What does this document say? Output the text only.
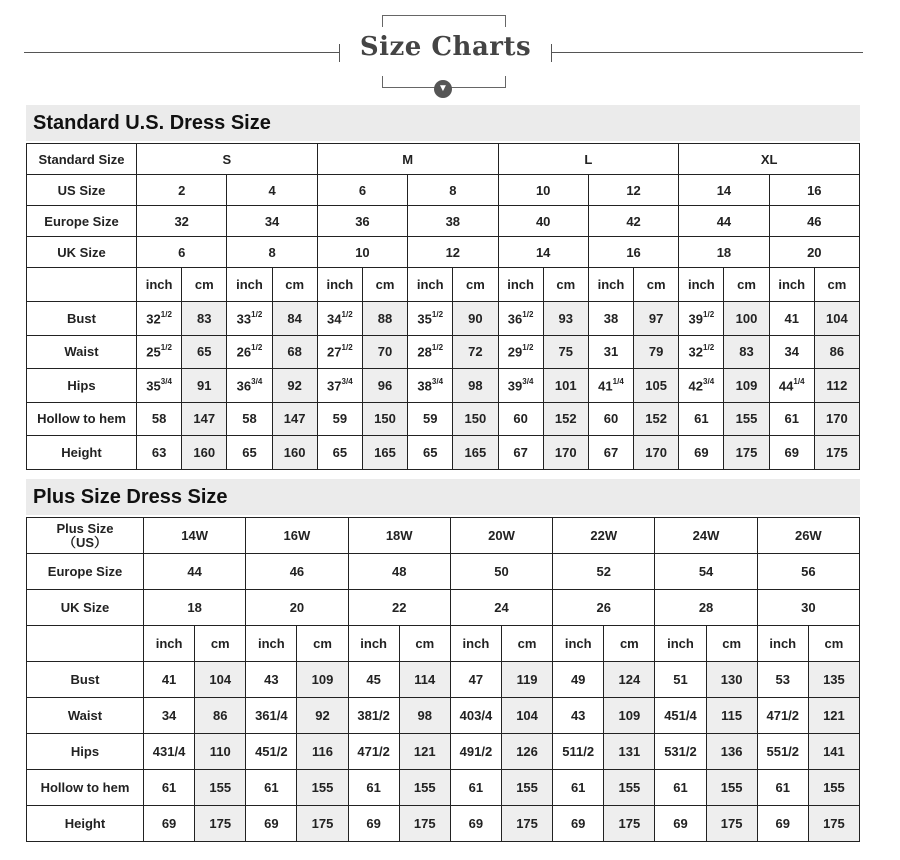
Size Charts
▼
Standard U.S. Dress Size
Standard Size	S				M				L				XL			
US Size	2		4		6		8		10		12		14		16	
Europe Size	32		34		36		38		40		42		44		46	
UK Size	6		8		10		12		14		16		18		20	
	inch	cm	inch	cm	inch	cm	inch	cm	inch	cm	inch	cm	inch	cm	inch	cm
Bust	$32^{1/2}$	83	$33^{1/2}$	84	$34^{1/2}$	88	$35^{1/2}$	90	$36^{1/2}$	93	38	97	$39^{1/2}$	100	41	104
Waist	$25^{1/2}$	65	$26^{1/2}$	68	$27^{1/2}$	70	$28^{1/2}$	72	$29^{1/2}$	75	31	79	$32^{1/2}$	83	34	86
Hips	$35^{3/4}$	91	$36^{3/4}$	92	$37^{3/4}$	96	$38^{3/4}$	98	$39^{3/4}$	101	$41^{1/4}$	105	$42^{3/4}$	109	$44^{1/4}$	112
Hollow to hem	58	147	58	147	59	150	59	150	60	152	60	152	61	155	61	170
Height	63	160	65	160	65	165	65	165	67	170	67	170	69	175	69	175
Plus Size Dress Size
Plus Size
（US）	14W		16W		18W		20W		22W		24W		26W	
Europe Size	44		46		48		50		52		54		56	
UK Size	18		20		22		24		26		28		30	
	inch	cm	inch	cm	inch	cm	inch	cm	inch	cm	inch	cm	inch	cm
Bust	41	104	43	109	45	114	47	119	49	124	51	130	53	135
Waist	34	86	361/4	92	381/2	98	403/4	104	43	109	451/4	115	471/2	121
Hips	431/4	110	451/2	116	471/2	121	491/2	126	511/2	131	531/2	136	551/2	141
Hollow to hem	61	155	61	155	61	155	61	155	61	155	61	155	61	155
Height	69	175	69	175	69	175	69	175	69	175	69	175	69	175
